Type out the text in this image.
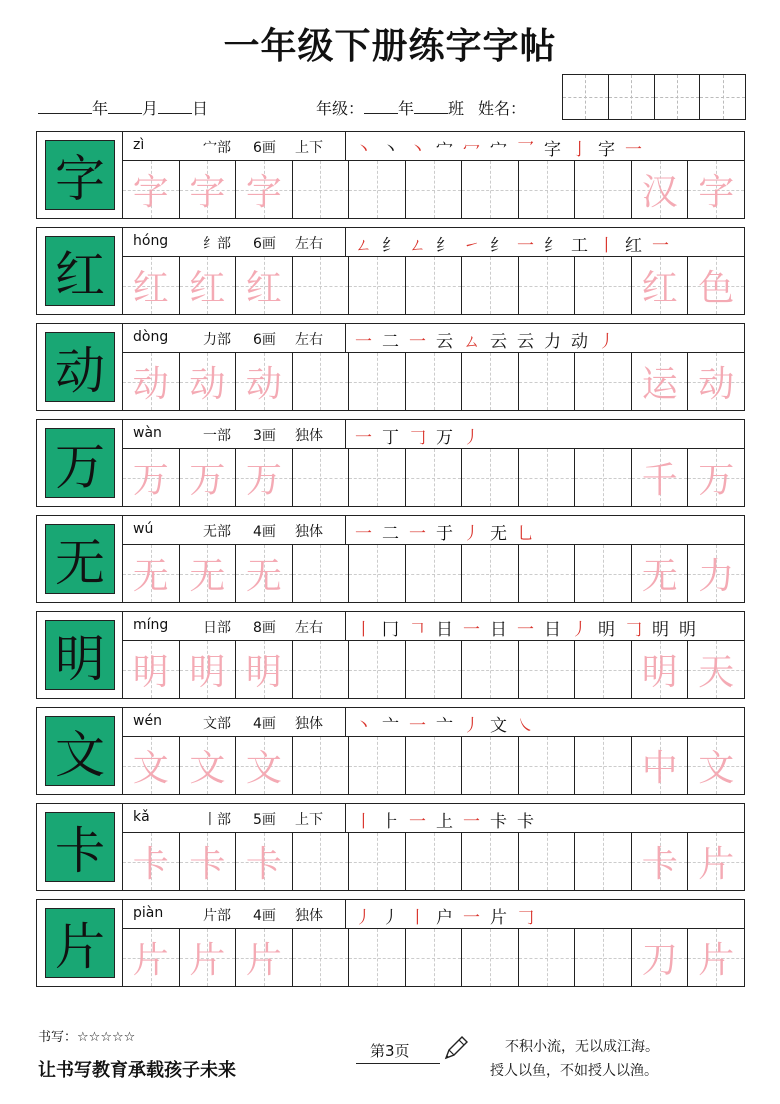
一年级下册练字字帖
年 月 日	年级： 年 班 姓名：
字
zì	宀部 6画 上下 丶丶丶宀冖宀乛字亅字一
字 字 字	汉 字
红
hóng 纟部 6画 左右 ㄥ纟ㄥ纟㇀纟一纟工丨红一
红 红 红	红 色
动
dòng 力部 6画 左右 一二一云ㄙ云云力动丿
动 动 动	运 动
万
wàn	一部 3画 独体 一丁𠃌万丿
万 万 万	千 万
无
wú	无部 4画 独体 一二一于丿无乚
无 无 无	无 力
明
míng 日部 8画 左右 丨冂𠃍日一日一日丿明𠃌明明
明 明 明	明 天
文
wén	文部 4画 独体 丶亠一亠丿文㇏
文 文 文	中 文
卡
kǎ	丨部 5画 上下 丨⺊一上一卡卡
卡 卡 卡	卡 片
片
piàn	片部 4画 独体 丿丿丨户一片𠃌
片 片 片	刀 片
书写：☆☆☆☆☆
让书写教育承载孩子未来
第3页	不积小流，无以成江海。
授人以鱼，不如授人以渔。
